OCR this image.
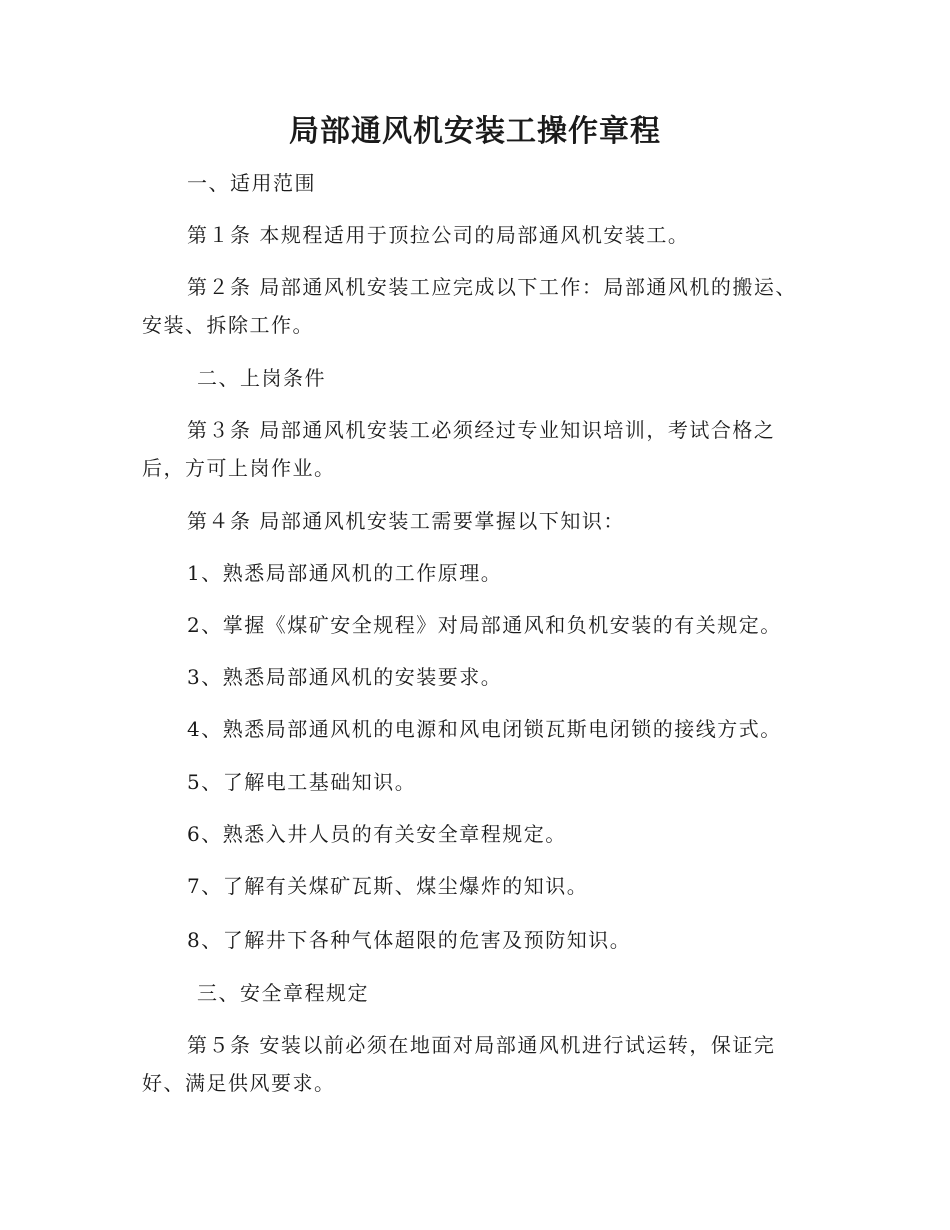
局部通风机安装工操作章程
一、适用范围
第１条 本规程适用于顶拉公司的局部通风机安装工。
第２条 局部通风机安装工应完成以下工作：局部通风机的搬运、
安装、拆除工作。
二、上岗条件
第３条 局部通风机安装工必须经过专业知识培训，考试合格之
后，方可上岗作业。
第４条 局部通风机安装工需要掌握以下知识：
1、熟悉局部通风机的工作原理。
2、掌握《煤矿安全规程》对局部通风和负机安装的有关规定。
3、熟悉局部通风机的安装要求。
4、熟悉局部通风机的电源和风电闭锁瓦斯电闭锁的接线方式。
5、了解电工基础知识。
6、熟悉入井人员的有关安全章程规定。
7、了解有关煤矿瓦斯、煤尘爆炸的知识。
8、了解井下各种气体超限的危害及预防知识。
三、安全章程规定
第５条 安装以前必须在地面对局部通风机进行试运转，保证完
好、满足供风要求。
